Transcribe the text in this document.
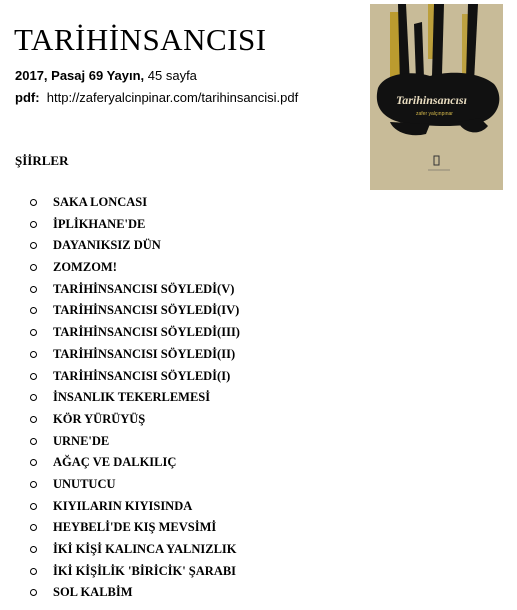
TARİHİNSANCISI
2017, Pasaj 69 Yayın, 45 sayfa
pdf: http://zaferyalcinpinar.com/tarihinsancisi.pdf	Tarihinsancısı
zafer yalçınpınar
ŞİİRLER
SAKA LONCASI
İPLİKHANE'DE
DAYANIKSIZ DÜN
ZOMZOM!
TARİHİNSANCISI SÖYLEDİ(V)
TARİHİNSANCISI SÖYLEDİ(IV)
TARİHİNSANCISI SÖYLEDİ(III)
TARİHİNSANCISI SÖYLEDİ(II)
TARİHİNSANCISI SÖYLEDİ(I)
İNSANLIK TEKERLEMESİ
KÖR YÜRÜYÜŞ
URNE'DE
AĞAÇ VE DALKILIÇ
UNUTUCU
KIYILARIN KIYISINDA
HEYBELİ'DE KIŞ MEVSİMİ
İKİ KİŞİ KALINCA YALNIZLIK
İKİ KİŞİLİK 'BİRİCİK' ŞARABI
SOL KALBİM
